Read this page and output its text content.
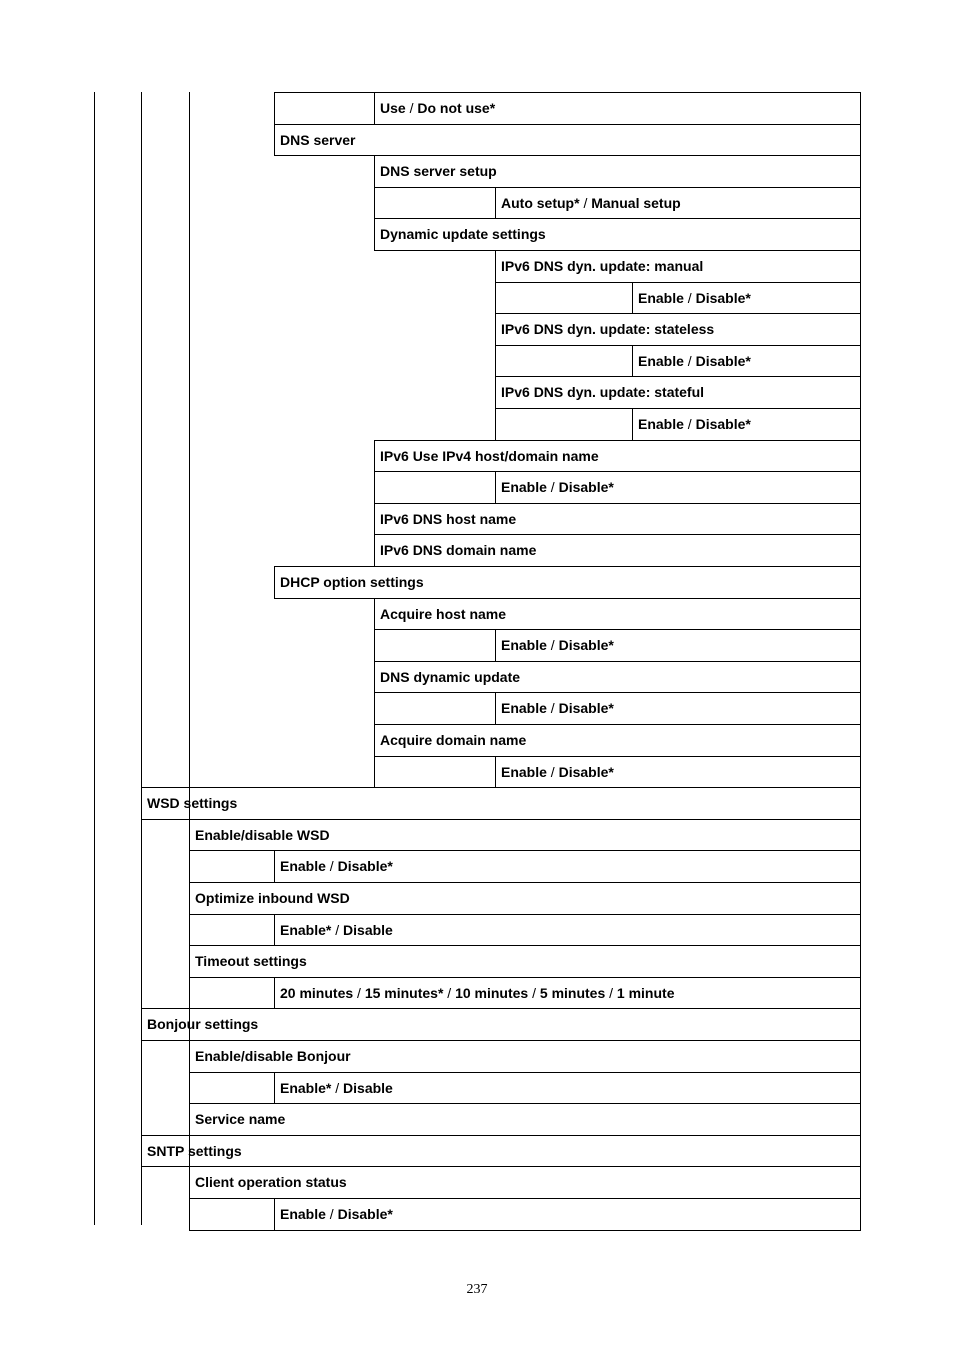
Use / Do not use*
DNS server
DNS server setup
Auto setup* / Manual setup
Dynamic update settings
IPv6 DNS dyn. update: manual
Enable / Disable*
IPv6 DNS dyn. update: stateless
Enable / Disable*
IPv6 DNS dyn. update: stateful
Enable / Disable*
IPv6 Use IPv4 host/domain name
Enable / Disable*
IPv6 DNS host name
IPv6 DNS domain name
DHCP option settings
Acquire host name
Enable / Disable*
DNS dynamic update
Enable / Disable*
Acquire domain name
Enable / Disable*
WSD settings
Enable/disable WSD
Enable / Disable*
Optimize inbound WSD
Enable* / Disable
Timeout settings
20 minutes / 15 minutes* / 10 minutes / 5 minutes / 1 minute
Bonjour settings
Enable/disable Bonjour
Enable* / Disable
Service name
SNTP settings
Client operation status
Enable / Disable*
237
